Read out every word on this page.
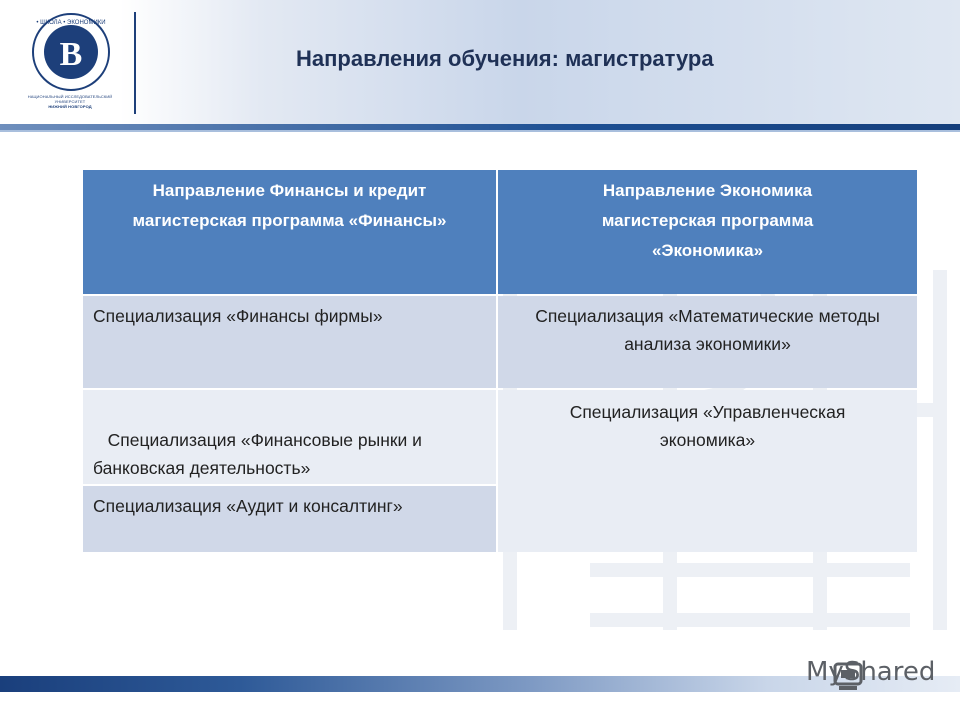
B
• ШКОЛА • ЭКОНОМИКИ
НАЦИОНАЛЬНЫЙ ИССЛЕДОВАТЕЛЬСКИЙ
УНИВЕРСИТЕТ
НИЖНИЙ НОВГОРОД
Направления обучения: магистратура
Направление Финансы и кредит магистерская программа «Финансы»
Направление Экономика магистерская программа «Экономика»
Специализация «Финансы фирмы»	Специализация «Математические методы анализа экономики»

Специализация «Финансовые рынки и банковская деятельность»

Специализация «Управленческая экономика»
Специализация «Аудит и консалтинг»
MyShared
